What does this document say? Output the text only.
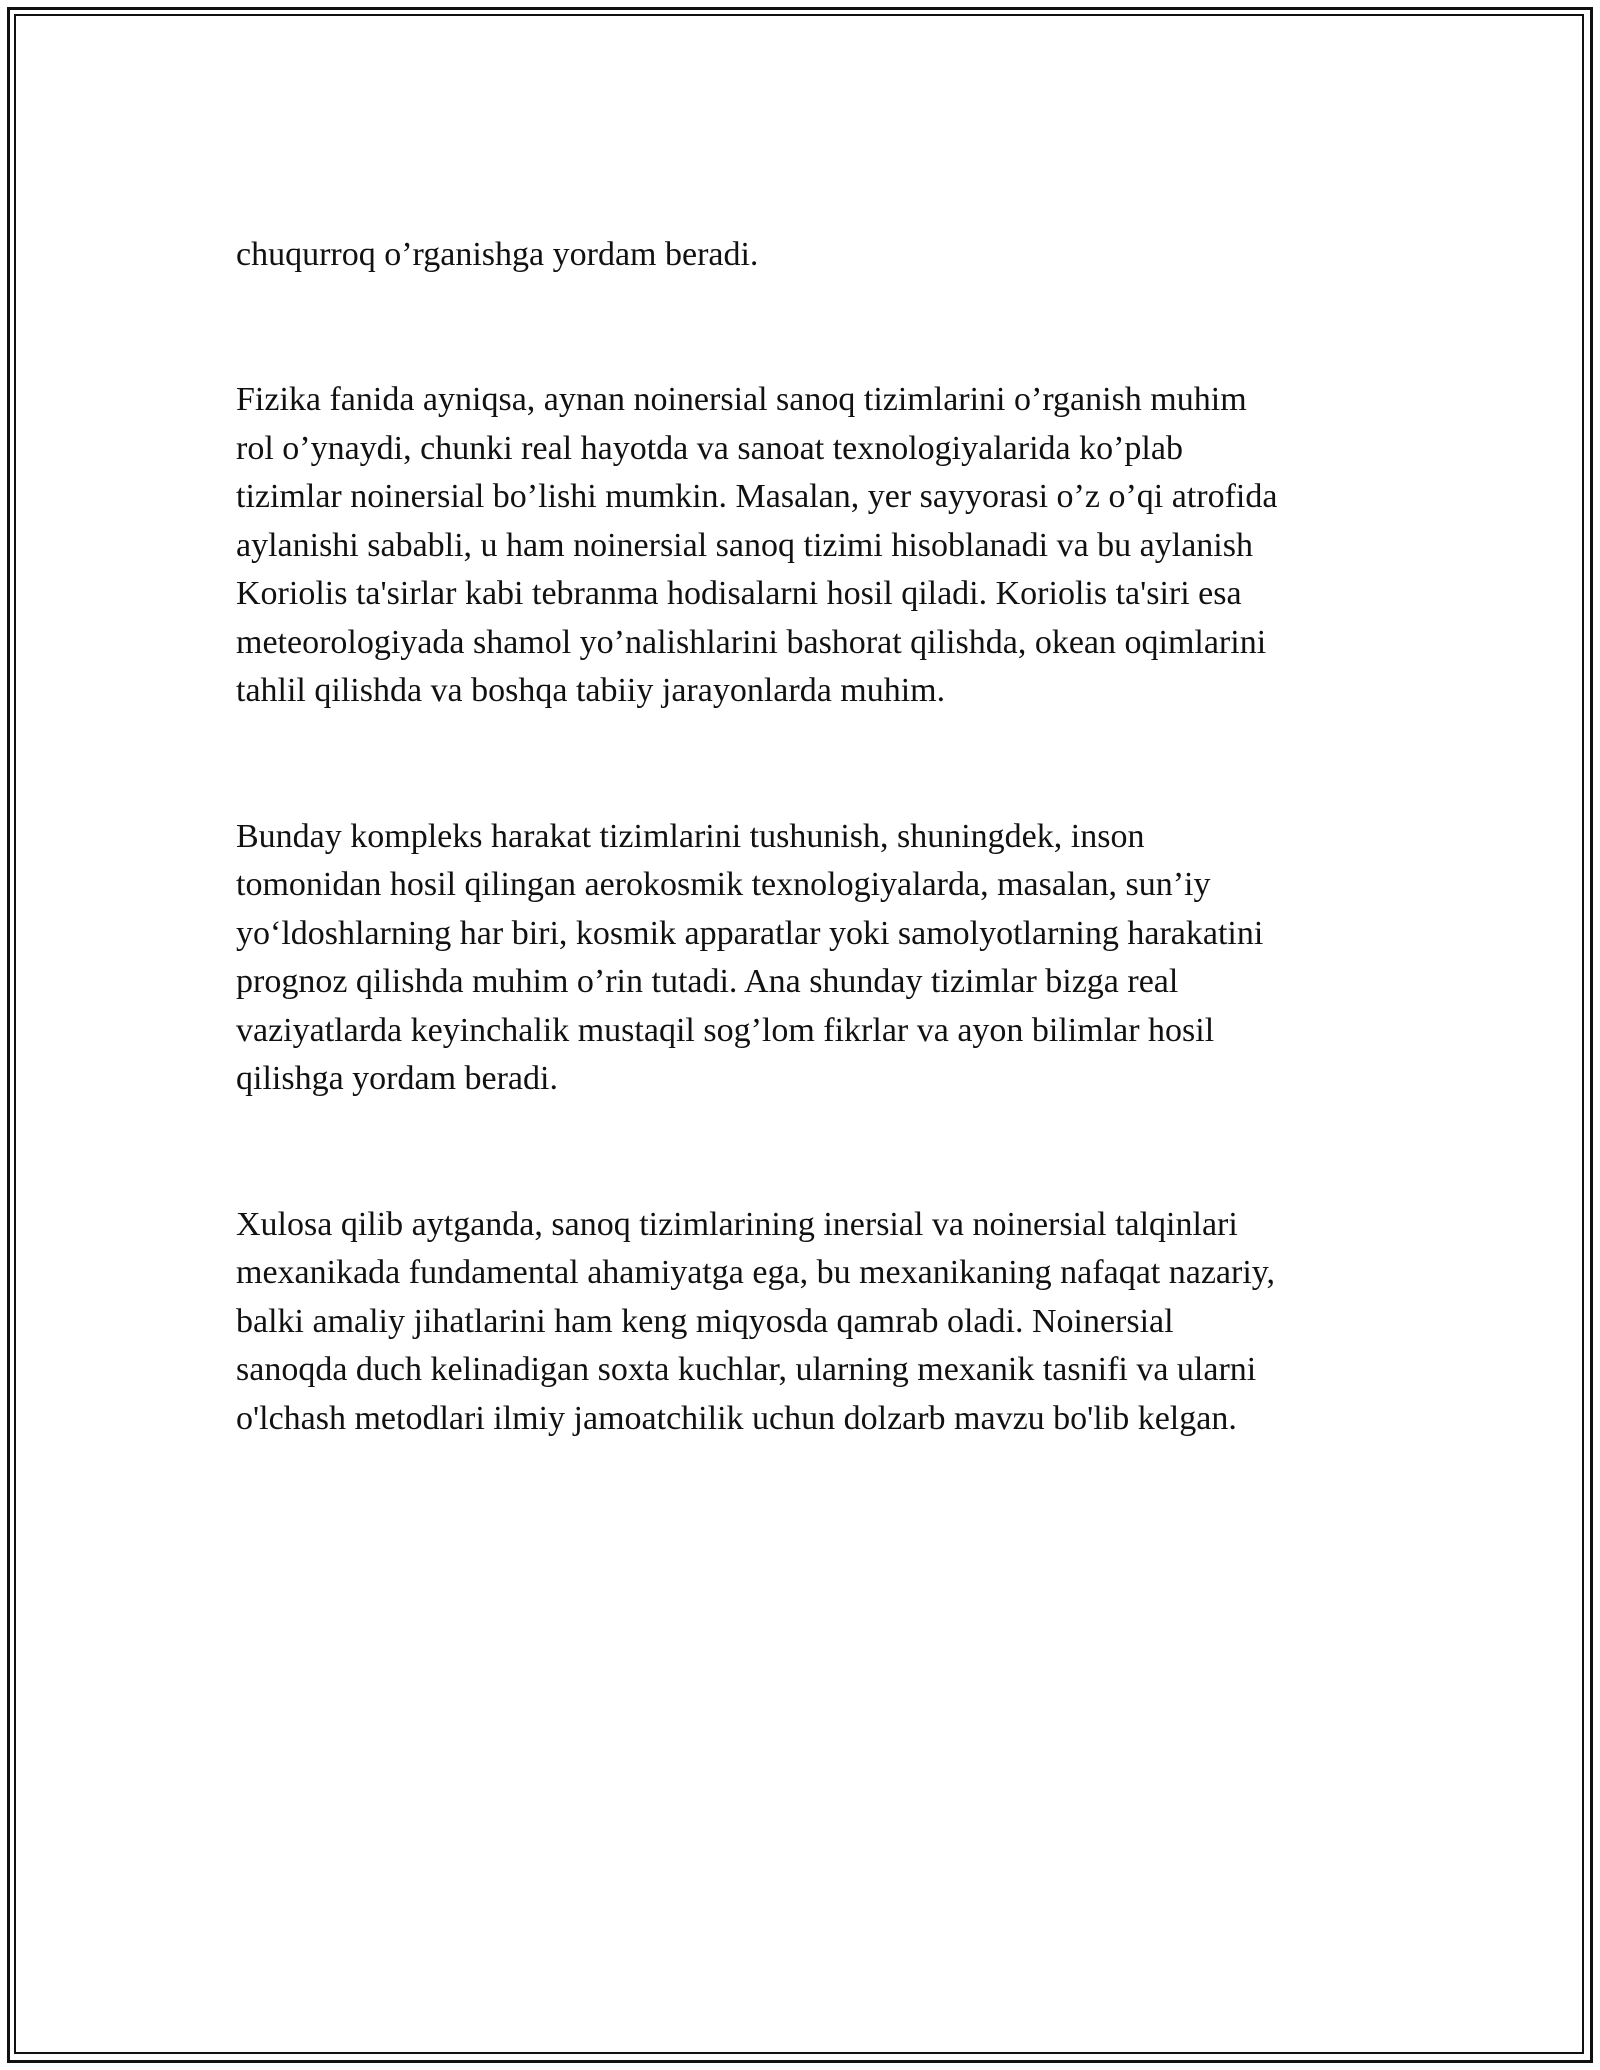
chuqurroq o’rganishga yordam beradi.

Fizika fanida ayniqsa, aynan noinersial sanoq tizimlarini o’rganish muhim
rol o’ynaydi, chunki real hayotda va sanoat texnologiyalarida ko’plab
tizimlar noinersial bo’lishi mumkin. Masalan, yer sayyorasi o’z o’qi atrofida
aylanishi sababli, u ham noinersial sanoq tizimi hisoblanadi va bu aylanish
Koriolis ta'sirlar kabi tebranma hodisalarni hosil qiladi. Koriolis ta'siri esa
meteorologiyada shamol yo’nalishlarini bashorat qilishda, okean oqimlarini
tahlil qilishda va boshqa tabiiy jarayonlarda muhim.

Bunday kompleks harakat tizimlarini tushunish, shuningdek, inson
tomonidan hosil qilingan aerokosmik texnologiyalarda, masalan, sun’iy
yo‘ldoshlarning har biri, kosmik apparatlar yoki samolyotlarning harakatini
prognoz qilishda muhim o’rin tutadi. Ana shunday tizimlar bizga real
vaziyatlarda keyinchalik mustaqil sog’lom fikrlar va ayon bilimlar hosil
qilishga yordam beradi.

Xulosa qilib aytganda, sanoq tizimlarining inersial va noinersial talqinlari
mexanikada fundamental ahamiyatga ega, bu mexanikaning nafaqat nazariy,
balki amaliy jihatlarini ham keng miqyosda qamrab oladi. Noinersial
sanoqda duch kelinadigan soxta kuchlar, ularning mexanik tasnifi va ularni
o'lchash metodlari ilmiy jamoatchilik uchun dolzarb mavzu bo'lib kelgan.
